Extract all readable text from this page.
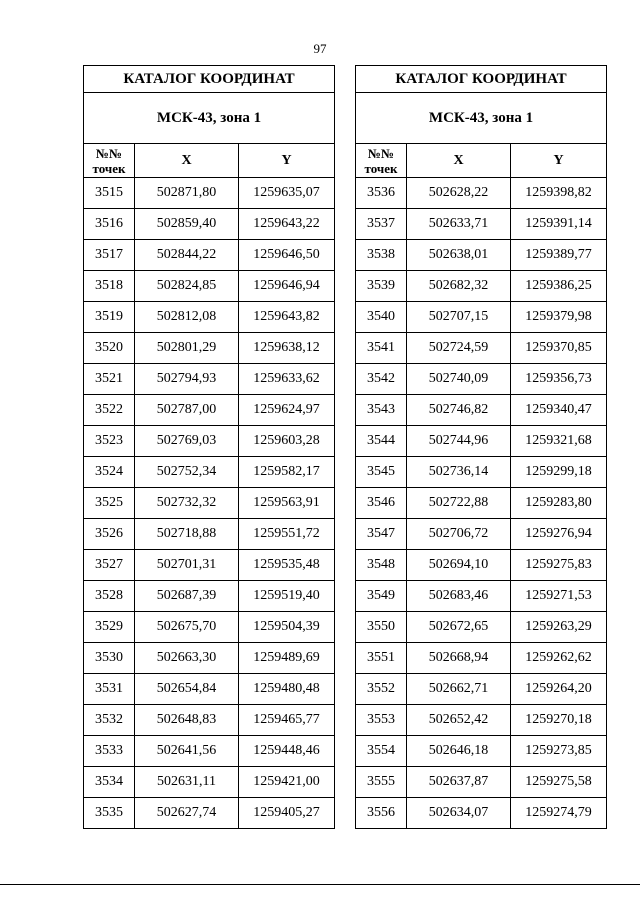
97
КАТАЛОГ КООРДИНАТ		
МСК-43, зона 1		
№№
точек	X	Y
3515	502871,80	1259635,07
3516	502859,40	1259643,22
3517	502844,22	1259646,50
3518	502824,85	1259646,94
3519	502812,08	1259643,82
3520	502801,29	1259638,12
3521	502794,93	1259633,62
3522	502787,00	1259624,97
3523	502769,03	1259603,28
3524	502752,34	1259582,17
3525	502732,32	1259563,91
3526	502718,88	1259551,72
3527	502701,31	1259535,48
3528	502687,39	1259519,40
3529	502675,70	1259504,39
3530	502663,30	1259489,69
3531	502654,84	1259480,48
3532	502648,83	1259465,77
3533	502641,56	1259448,46
3534	502631,11	1259421,00
3535	502627,74	1259405,27
КАТАЛОГ КООРДИНАТ		
МСК-43, зона 1		
№№
точек	X	Y
3536	502628,22	1259398,82
3537	502633,71	1259391,14
3538	502638,01	1259389,77
3539	502682,32	1259386,25
3540	502707,15	1259379,98
3541	502724,59	1259370,85
3542	502740,09	1259356,73
3543	502746,82	1259340,47
3544	502744,96	1259321,68
3545	502736,14	1259299,18
3546	502722,88	1259283,80
3547	502706,72	1259276,94
3548	502694,10	1259275,83
3549	502683,46	1259271,53
3550	502672,65	1259263,29
3551	502668,94	1259262,62
3552	502662,71	1259264,20
3553	502652,42	1259270,18
3554	502646,18	1259273,85
3555	502637,87	1259275,58
3556	502634,07	1259274,79
